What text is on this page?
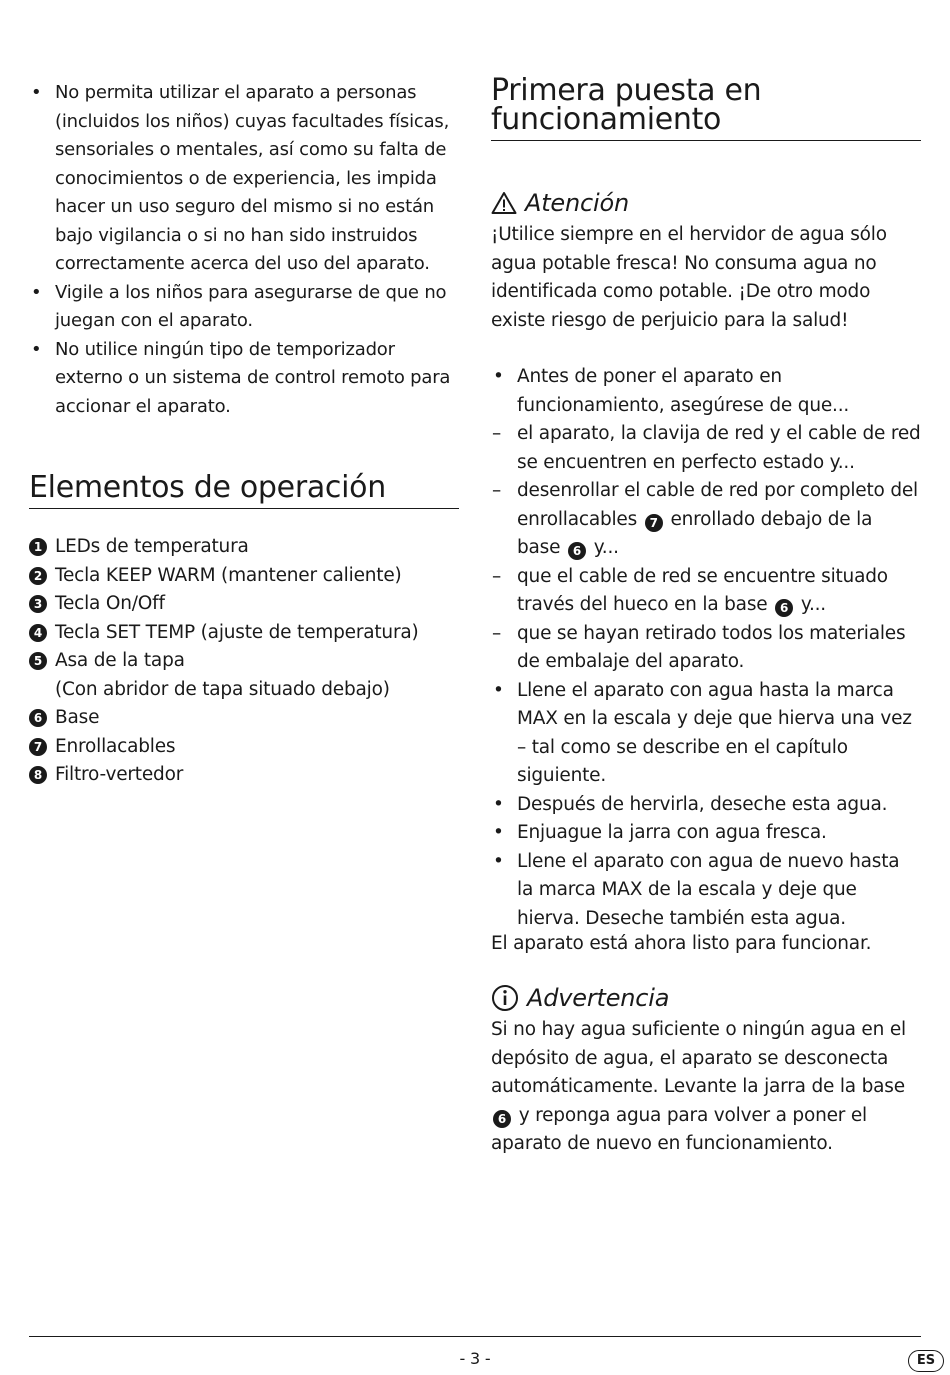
• No permita utilizar el aparato a personas (incluidos los niños) cuyas facultades físicas, sensoriales o mentales, así como su falta de conocimientos o de experiencia, les impida hacer un uso seguro del mismo si no están bajo vigilancia o si no han sido instruidos correctamente acerca del uso del aparato.
• Vigile a los niños para asegurarse de que no juegan con el aparato.
• No utilice ningún tipo de temporizador externo o un sistema de control remoto para accionar el aparato.
Elementos de operación
1 LEDs de temperatura
2 Tecla KEEP WARM (mantener caliente)
3 Tecla On/Off
4 Tecla SET TEMP (ajuste de temperatura)
5 Asa de la tapa
(Con abridor de tapa situado debajo)
6 Base
7 Enrollacables
8 Filtro-vertedor
Primera puesta en
funcionamiento
Atención

¡Utilice siempre en el hervidor de agua sólo agua potable fresca! No consuma agua no identificada como potable. ¡De otro modo existe riesgo de perjuicio para la salud!

• Antes de poner el aparato en funcionamiento, asegúrese de que...
– el aparato, la clavija de red y el cable de red se encuentren en perfecto estado y...
– desenrollar el cable de red por completo del enrollacables 7 enrollado debajo de la base 6 y...
– que el cable de red se encuentre situado través del hueco en la base 6 y...
– que se hayan retirado todos los materiales de embalaje del aparato.
• Llene el aparato con agua hasta la marca MAX en la escala y deje que hierva una vez – tal como se describe en el capítulo siguiente.
• Después de hervirla, deseche esta agua.
• Enjuague la jarra con agua fresca.
• Llene el aparato con agua de nuevo hasta la marca MAX de la escala y deje que hierva. Deseche también esta agua.

El aparato está ahora listo para funcionar.

Advertencia

Si no hay agua suficiente o ningún agua en el depósito de agua, el aparato se desconecta automáticamente. Levante la jarra de la base 6 y reponga agua para volver a poner el aparato de nuevo en funcionamiento.

- 3 -	ES
